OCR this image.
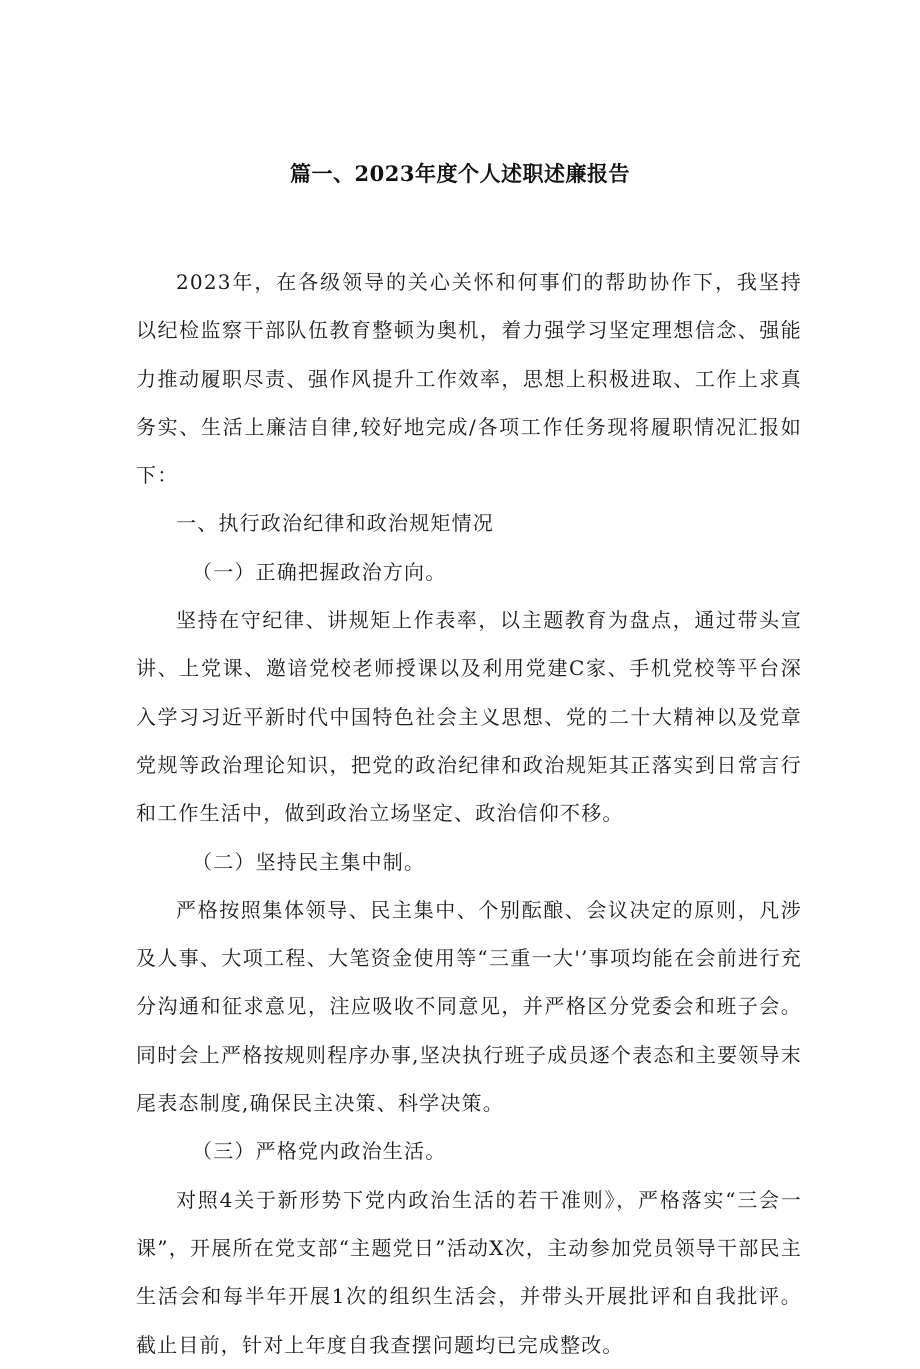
篇一、2023年度个人述职述廉报告

2023年，在各级领导的关心关怀和何事们的帮助协作下，我坚持以纪检监察干部队伍教育整顿为奥机，着力强学习坚定理想信念、强能力推动履职尽责、强作风提升工作效率，思想上积极进取、工作上求真务实、生活上廉洁自律,较好地完成/各项工作任务现将履职情况汇报如下：

一、执行政治纪律和政治规矩情况

（一）正确把握政治方向。

坚持在守纪律、讲规矩上作表率，以主题教育为盘点，通过带头宣讲、上党课、邀谙党校老师授课以及利用党建C家、手机党校等平台深入学习习近平新时代中国特色社会主义思想、党的二十大精神以及党章党规等政治理论知识，把党的政治纪律和政治规矩其正落实到日常言行和工作生活中，做到政治立场坚定、政治信仰不移。

（二）坚持民主集中制。

严格按照集体领导、民主集中、个别酝酿、会议决定的原则，凡涉及人事、大项工程、大笔资金使用等“三重一大'’事项均能在会前进行充分沟通和征求意见，注应吸收不同意见，并严格区分党委会和班子会。同时会上严格按规则程序办事,坚决执行班子成员逐个表态和主要领导末尾表态制度,确保民主决策、科学决策。

（三）严格党内政治生活。

对照4关于新形势下党内政治生活的若干准则》，严格落实“三会一课”，开展所在党支部“主题党日”活动X次，主动参加党员领导干部民主生活会和每半年开展1次的组织生活会，并带头开展批评和自我批评。截止目前，针对上年度自我查摆问题均已完成整改。
